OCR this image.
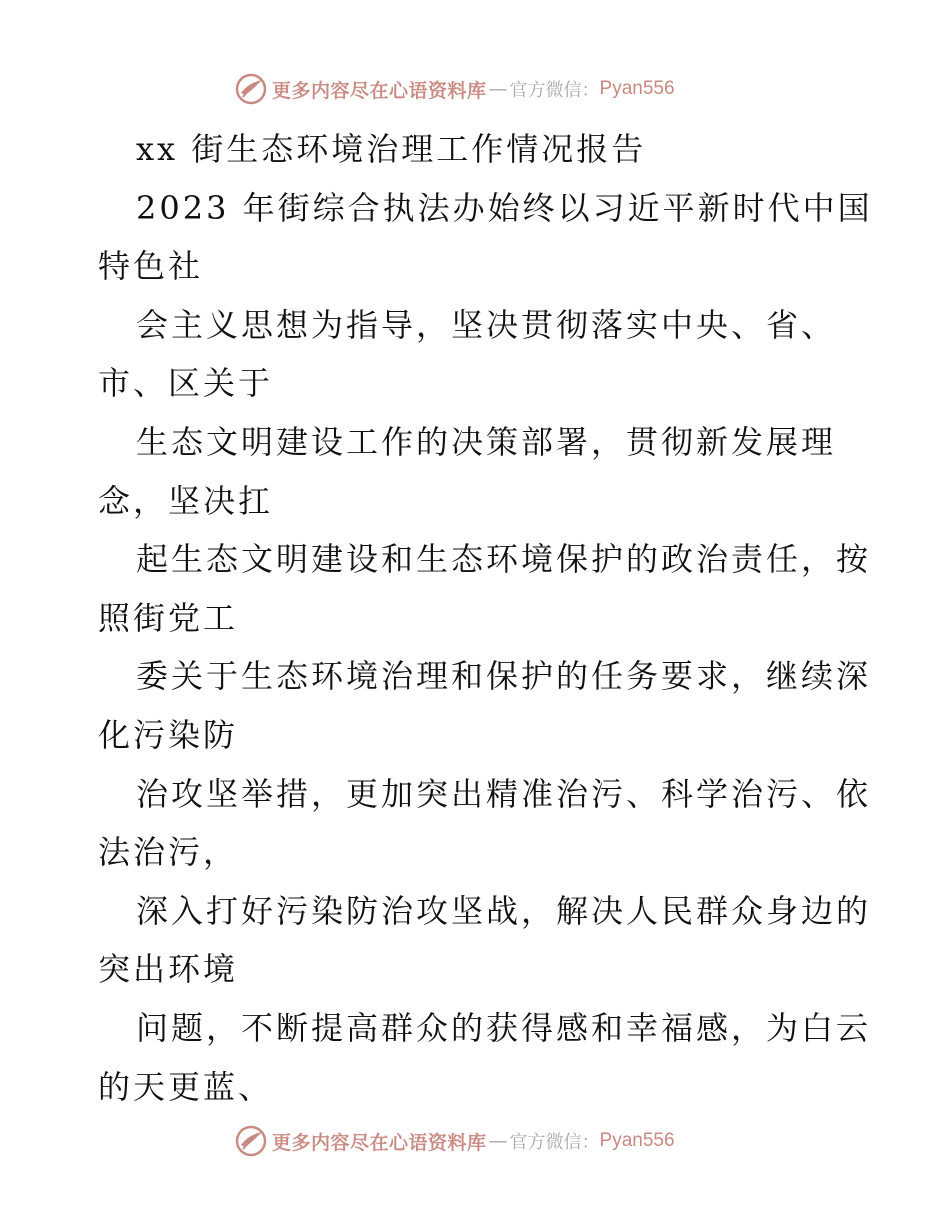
更多内容尽在心语资料库 — 官方微信： Pyan556
xx 街生态环境治理工作情况报告
2023 年街综合执法办始终以习近平新时代中国
特色社
会主义思想为指导，坚决贯彻落实中央、省、
市、区关于
生态文明建设工作的决策部署，贯彻新发展理
念，坚决扛
起生态文明建设和生态环境保护的政治责任，按
照街党工
委关于生态环境治理和保护的任务要求，继续深
化污染防
治攻坚举措，更加突出精准治污、科学治污、依
法治污，
深入打好污染防治攻坚战，解决人民群众身边的
突出环境
问题，不断提高群众的获得感和幸福感，为白云
的天更蓝、
更多内容尽在心语资料库 — 官方微信： Pyan556
